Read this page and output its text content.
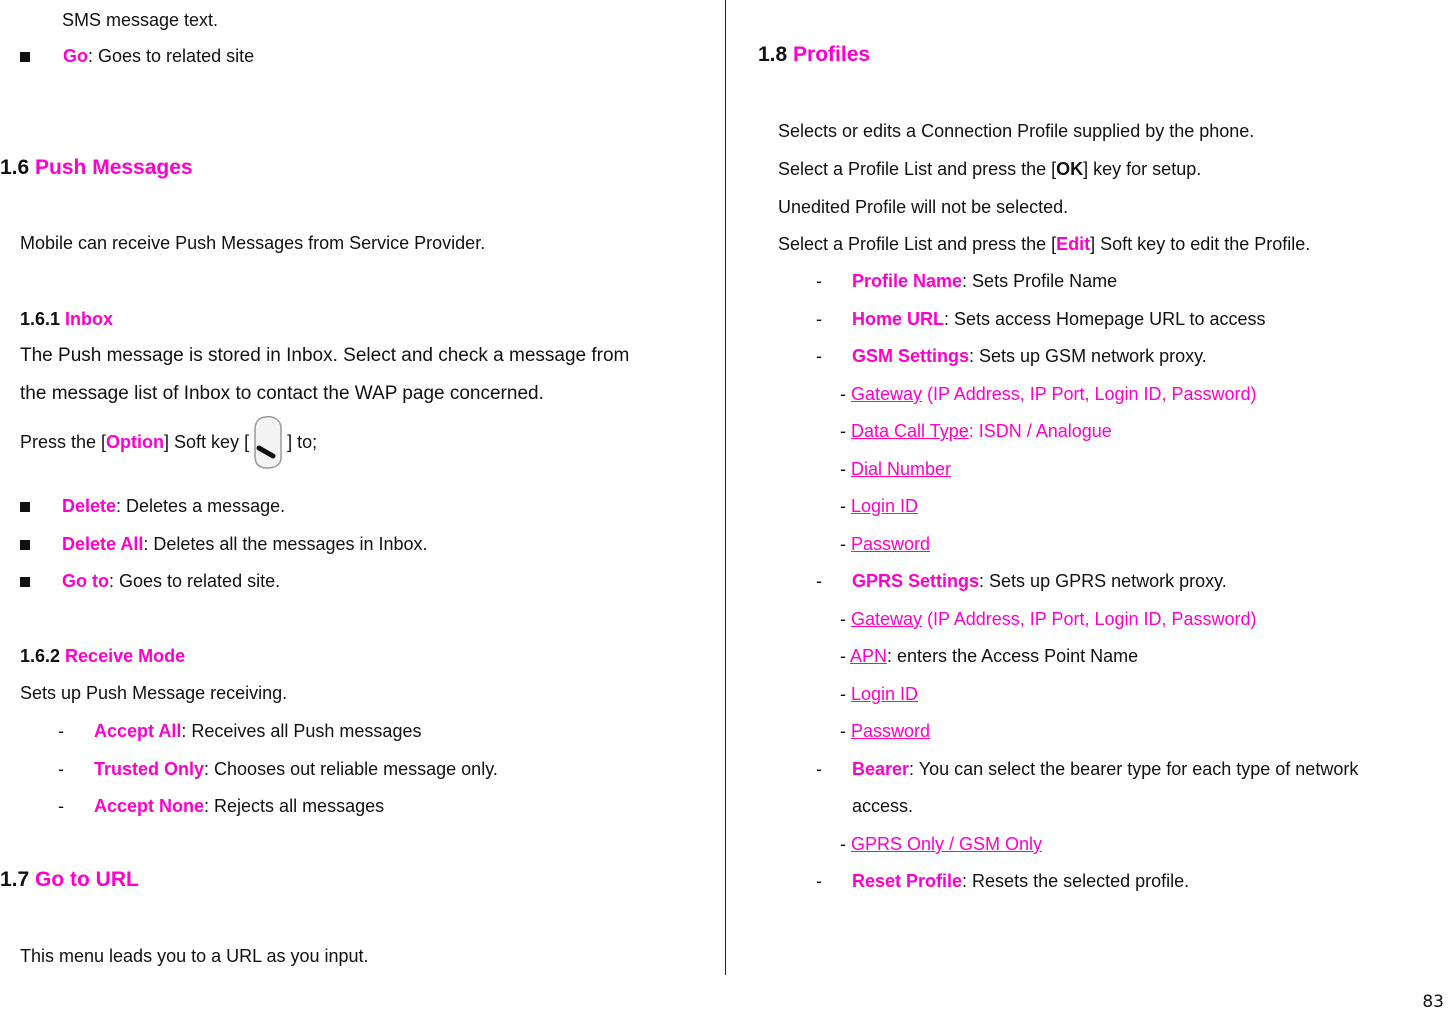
SMS message text.
Go: Goes to related site
1.6 Push Messages
Mobile can receive Push Messages from Service Provider.
1.6.1 Inbox
The Push message is stored in Inbox. Select and check a message from
the message list of Inbox to contact the WAP page concerned.
Press the [Option] Soft key [ ] to;
Delete: Deletes a message.
Delete All: Deletes all the messages in Inbox.
Go to: Goes to related site.
1.6.2 Receive Mode
Sets up Push Message receiving.
- Accept All: Receives all Push messages
- Trusted Only: Chooses out reliable message only.
- Accept None: Rejects all messages
1.7 Go to URL
This menu leads you to a URL as you input.
1.8 Profiles
Selects or edits a Connection Profile supplied by the phone.
Select a Profile List and press the [OK] key for setup.
Unedited Profile will not be selected.
Select a Profile List and press the [Edit] Soft key to edit the Profile.
- Profile Name: Sets Profile Name
- Home URL: Sets access Homepage URL to access
- GSM Settings: Sets up GSM network proxy.
- Gateway (IP Address, IP Port, Login ID, Password)
- Data Call Type: ISDN / Analogue
- Dial Number
- Login ID
- Password
- GPRS Settings: Sets up GPRS network proxy.
- Gateway (IP Address, IP Port, Login ID, Password)
- APN: enters the Access Point Name
- Login ID
- Password
- Bearer: You can select the bearer type for each type of network
access.
- GPRS Only / GSM Only
- Reset Profile: Resets the selected profile.
83
